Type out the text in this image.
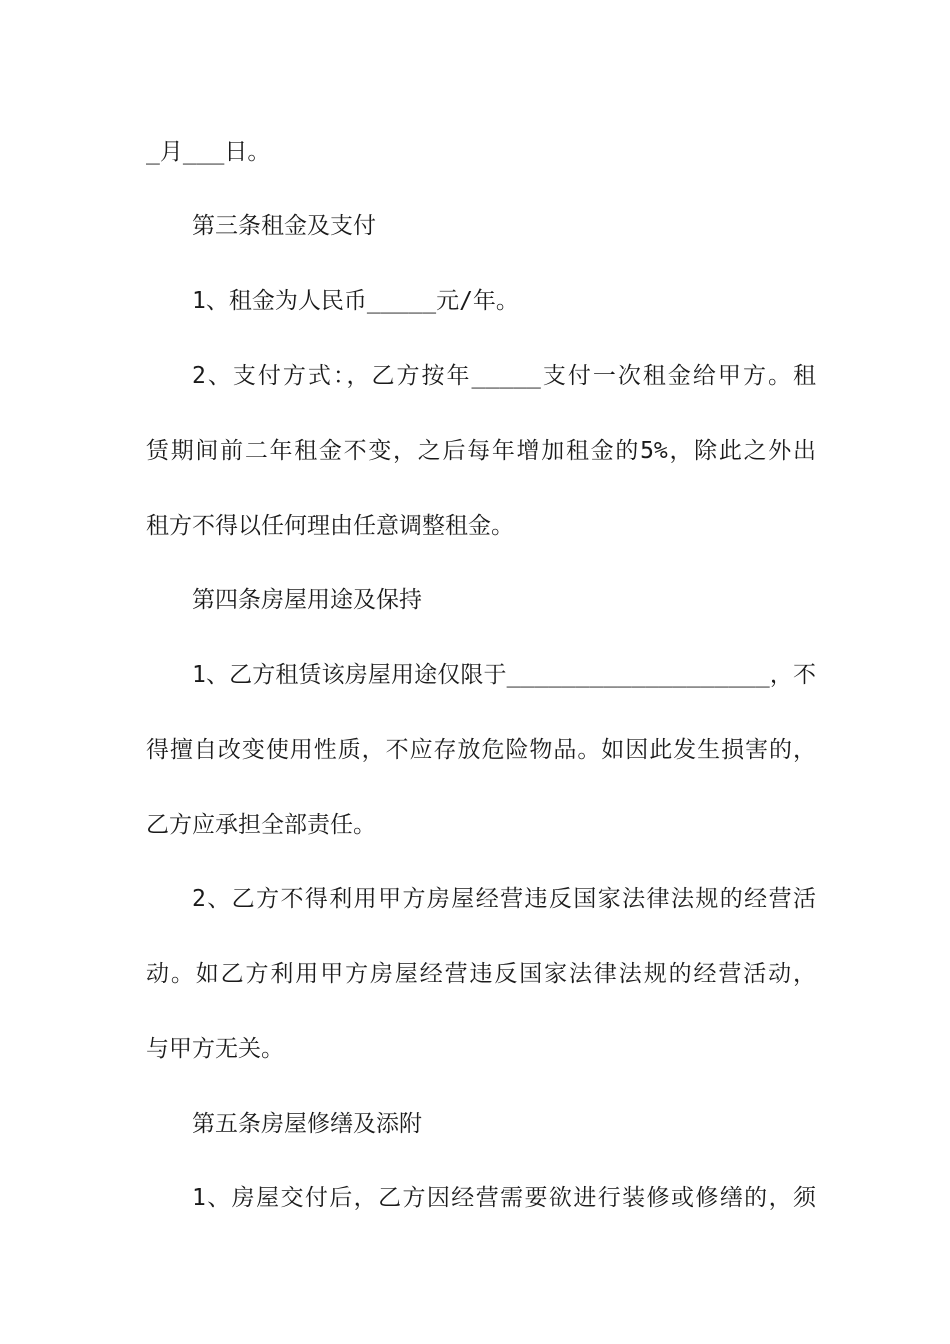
_月___日。
第三条租金及支付
1、租金为人民币_____元/年。
2、支付方式：，乙方按年_____支付一次租金给甲方。租
赁期间前二年租金不变，之后每年增加租金的5%，除此之外出
租方不得以任何理由任意调整租金。
第四条房屋用途及保持
1、乙方租赁该房屋用途仅限于___________________，不
得擅自改变使用性质，不应存放危险物品。如因此发生损害的，
乙方应承担全部责任。
2、乙方不得利用甲方房屋经营违反国家法律法规的经营活
动。如乙方利用甲方房屋经营违反国家法律法规的经营活动，
与甲方无关。
第五条房屋修缮及添附
1、房屋交付后，乙方因经营需要欲进行装修或修缮的，须
